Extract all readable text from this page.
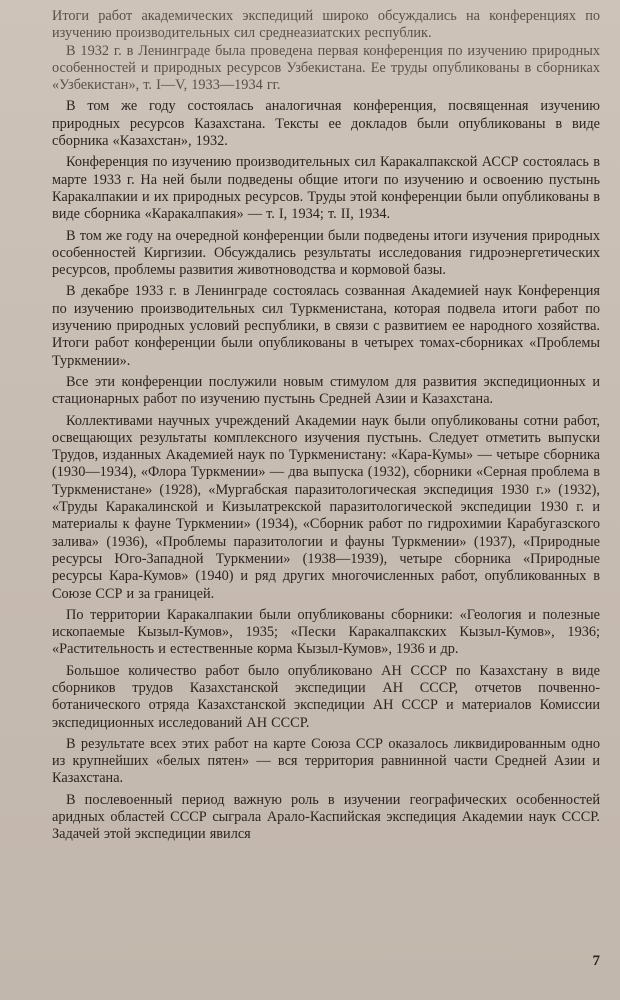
Итоги работ академических экспедиций широко обсуждались на конференциях по изучению производительных сил среднеазиатских республик.

В 1932 г. в Ленинграде была проведена первая конференция по изучению природных особенностей и природных ресурсов Узбекистана. Ее труды опубликованы в сборниках «Узбекистан», т. I—V, 1933—1934 гг.

В том же году состоялась аналогичная конференция, посвященная изучению природных ресурсов Казахстана. Тексты ее докладов были опубликованы в виде сборника «Казахстан», 1932.

Конференция по изучению производительных сил Каракалпакской АССР состоялась в марте 1933 г. На ней были подведены общие итоги по изучению и освоению пустынь Каракалпакии и их природных ресурсов. Труды этой конференции были опубликованы в виде сборника «Каракалпакия» — т. I, 1934; т. II, 1934.

В том же году на очередной конференции были подведены итоги изучения природных особенностей Киргизии. Обсуждались результаты исследования гидроэнергетических ресурсов, проблемы развития животноводства и кормовой базы.

В декабре 1933 г. в Ленинграде состоялась созванная Академией наук Конференция по изучению производительных сил Туркменистана, которая подвела итоги работ по изучению природных условий республики, в связи с развитием ее народного хозяйства. Итоги работ конференции были опубликованы в четырех томах-сборниках «Проблемы Туркмении».

Все эти конференции послужили новым стимулом для развития экспедиционных и стационарных работ по изучению пустынь Средней Азии и Казахстана.

Коллективами научных учреждений Академии наук были опубликованы сотни работ, освещающих результаты комплексного изучения пустынь. Следует отметить выпуски Трудов, изданных Академией наук по Туркменистану: «Кара-Кумы» — четыре сборника (1930—1934), «Флора Туркмении» — два выпуска (1932), сборники «Серная проблема в Туркменистане» (1928), «Мургабская паразитологическая экспедиция 1930 г.» (1932), «Труды Каракалинской и Кизылатрекской паразитологической экспедиции 1930 г. и материалы к фауне Туркмении» (1934), «Сборник работ по гидрохимии Карабугазского залива» (1936), «Проблемы паразитологии и фауны Туркмении» (1937), «Природные ресурсы Юго-Западной Туркмении» (1938—1939), четыре сборника «Природные ресурсы Кара-Кумов» (1940) и ряд других многочисленных работ, опубликованных в Союзе ССР и за границей.

По территории Каракалпакии были опубликованы сборники: «Геология и полезные ископаемые Кызыл-Кумов», 1935; «Пески Каракалпакских Кызыл-Кумов», 1936; «Растительность и естественные корма Кызыл-Кумов», 1936 и др.

Большое количество работ было опубликовано АН СССР по Казахстану в виде сборников трудов Казахстанской экспедиции АН СССР, отчетов почвенно-ботанического отряда Казахстанской экспедиции АН СССР и материалов Комиссии экспедиционных исследований АН СССР.

В результате всех этих работ на карте Союза ССР оказалось ликвидированным одно из крупнейших «белых пятен» — вся территория равнинной части Средней Азии и Казахстана.

В послевоенный период важную роль в изучении географических особенностей аридных областей СССР сыграла Арало-Каспийская экспедиция Академии наук СССР. Задачей этой экспедиции явился

7
